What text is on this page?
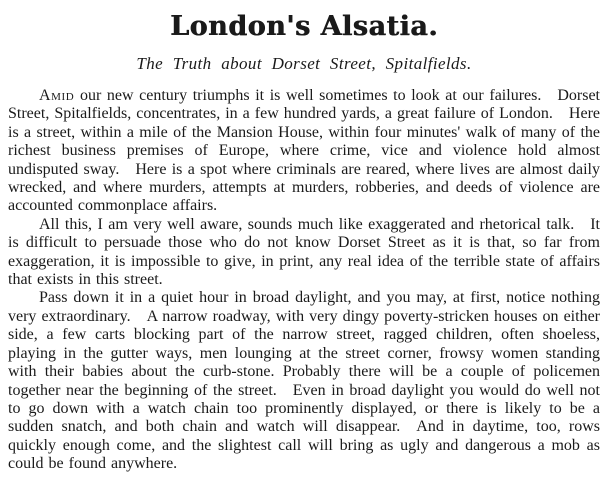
London's Alsatia.
The Truth about Dorset Street, Spitalfields.

Amid our new century triumphs it is well sometimes to look at our failures. Dorset Street, Spitalfields, concentrates, in a few hundred yards, a great failure of London. Here is a street, within a mile of the Mansion House, within four minutes' walk of many of the richest business premises of Europe, where crime, vice and violence hold almost undisputed sway. Here is a spot where criminals are reared, where lives are almost daily wrecked, and where murders, attempts at murders, robberies, and deeds of violence are accounted commonplace affairs.

All this, I am very well aware, sounds much like exaggerated and rhetorical talk. It is difficult to persuade those who do not know Dorset Street as it is that, so far from exaggeration, it is impossible to give, in print, any real idea of the terrible state of affairs that exists in this street.

Pass down it in a quiet hour in broad daylight, and you may, at first, notice nothing very extraordinary. A narrow roadway, with very dingy poverty-stricken houses on either side, a few carts blocking part of the narrow street, ragged children, often shoeless, playing in the gutter ways, men lounging at the street corner, frowsy women standing with their babies about the curb-stone. Probably there will be a couple of policemen together near the beginning of the street. Even in broad daylight you would do well not to go down with a watch chain too prominently displayed, or there is likely to be a sudden snatch, and both chain and watch will disappear. And in daytime, too, rows quickly enough come, and the slightest call will bring as ugly and dangerous a mob as could be found anywhere.
